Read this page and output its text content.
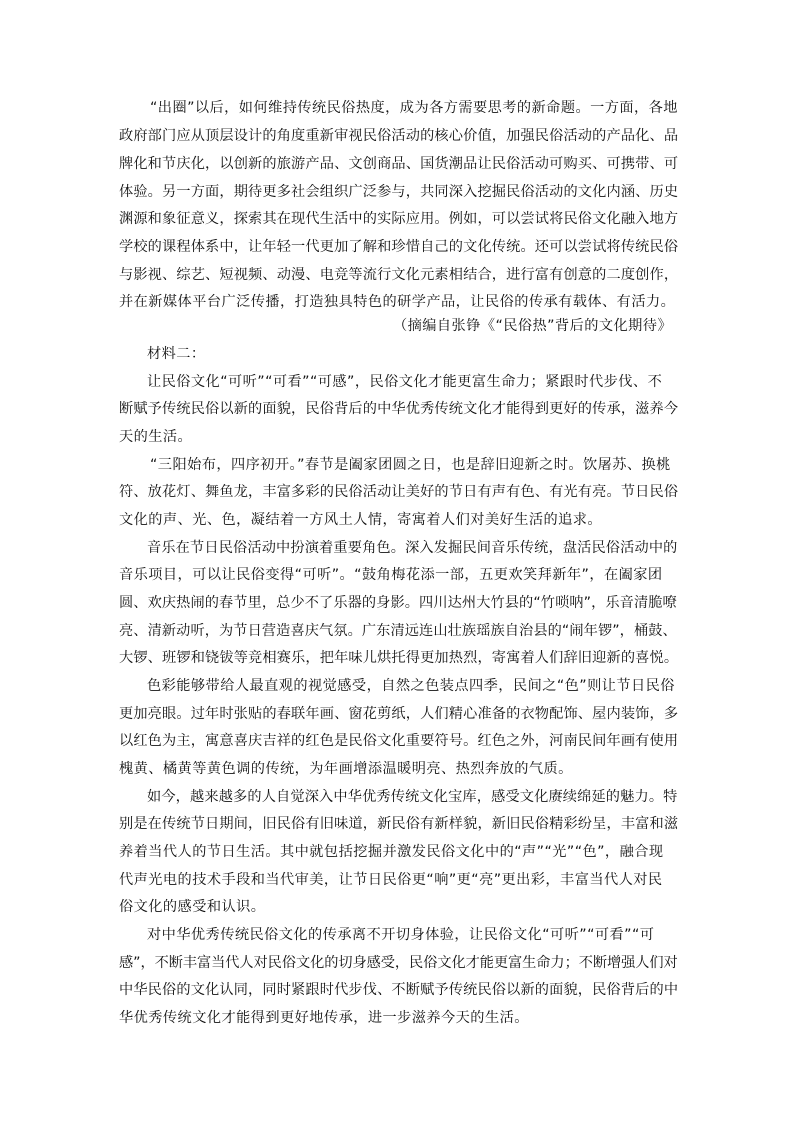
“出圈”以后，如何维持传统民俗热度，成为各方需要思考的新命题。一方面，各地

政府部门应从顶层设计的角度重新审视民俗活动的核心价值，加强民俗活动的产品化、品

牌化和节庆化，以创新的旅游产品、文创商品、国货潮品让民俗活动可购买、可携带、可

体验。另一方面，期待更多社会组织广泛参与，共同深入挖掘民俗活动的文化内涵、历史

渊源和象征意义，探索其在现代生活中的实际应用。例如，可以尝试将民俗文化融入地方

学校的课程体系中，让年轻一代更加了解和珍惜自己的文化传统。还可以尝试将传统民俗

与影视、综艺、短视频、动漫、电竞等流行文化元素相结合，进行富有创意的二度创作，

并在新媒体平台广泛传播，打造独具特色的研学产品，让民俗的传承有载体、有活力。

（摘编自张铮《“民俗热”背后的文化期待》

材料二：

让民俗文化“可听”“可看”“可感”，民俗文化才能更富生命力；紧跟时代步伐、不

断赋予传统民俗以新的面貌，民俗背后的中华优秀传统文化才能得到更好的传承，滋养今

天的生活。

“三阳始布，四序初开。”春节是阖家团圆之日，也是辞旧迎新之时。饮屠苏、换桃

符、放花灯、舞鱼龙，丰富多彩的民俗活动让美好的节日有声有色、有光有亮。节日民俗

文化的声、光、色，凝结着一方风土人情，寄寓着人们对美好生活的追求。

音乐在节日民俗活动中扮演着重要角色。深入发掘民间音乐传统，盘活民俗活动中的

音乐项目，可以让民俗变得“可听”。“鼓角梅花添一部，五更欢笑拜新年”，在阖家团

圆、欢庆热闹的春节里，总少不了乐器的身影。四川达州大竹县的“竹唢呐”，乐音清脆嘹

亮、清新动听，为节日营造喜庆气氛。广东清远连山壮族瑶族自治县的“闹年锣”，桶鼓、

大锣、班锣和铙钹等竞相赛乐，把年味儿烘托得更加热烈，寄寓着人们辞旧迎新的喜悦。

色彩能够带给人最直观的视觉感受，自然之色装点四季，民间之“色”则让节日民俗

更加亮眼。过年时张贴的春联年画、窗花剪纸，人们精心准备的衣物配饰、屋内装饰，多

以红色为主，寓意喜庆吉祥的红色是民俗文化重要符号。红色之外，河南民间年画有使用

槐黄、橘黄等黄色调的传统，为年画增添温暖明亮、热烈奔放的气质。

如今，越来越多的人自觉深入中华优秀传统文化宝库，感受文化赓续绵延的魅力。特

别是在传统节日期间，旧民俗有旧味道，新民俗有新样貌，新旧民俗精彩纷呈，丰富和滋

养着当代人的节日生活。其中就包括挖掘并激发民俗文化中的“声”“光”“色”，融合现

代声光电的技术手段和当代审美，让节日民俗更“响”更“亮”更出彩，丰富当代人对民

俗文化的感受和认识。

对中华优秀传统民俗文化的传承离不开切身体验，让民俗文化“可听”“可看”“可

感”，不断丰富当代人对民俗文化的切身感受，民俗文化才能更富生命力；不断增强人们对

中华民俗的文化认同，同时紧跟时代步伐、不断赋予传统民俗以新的面貌，民俗背后的中

华优秀传统文化才能得到更好地传承，进一步滋养今天的生活。
